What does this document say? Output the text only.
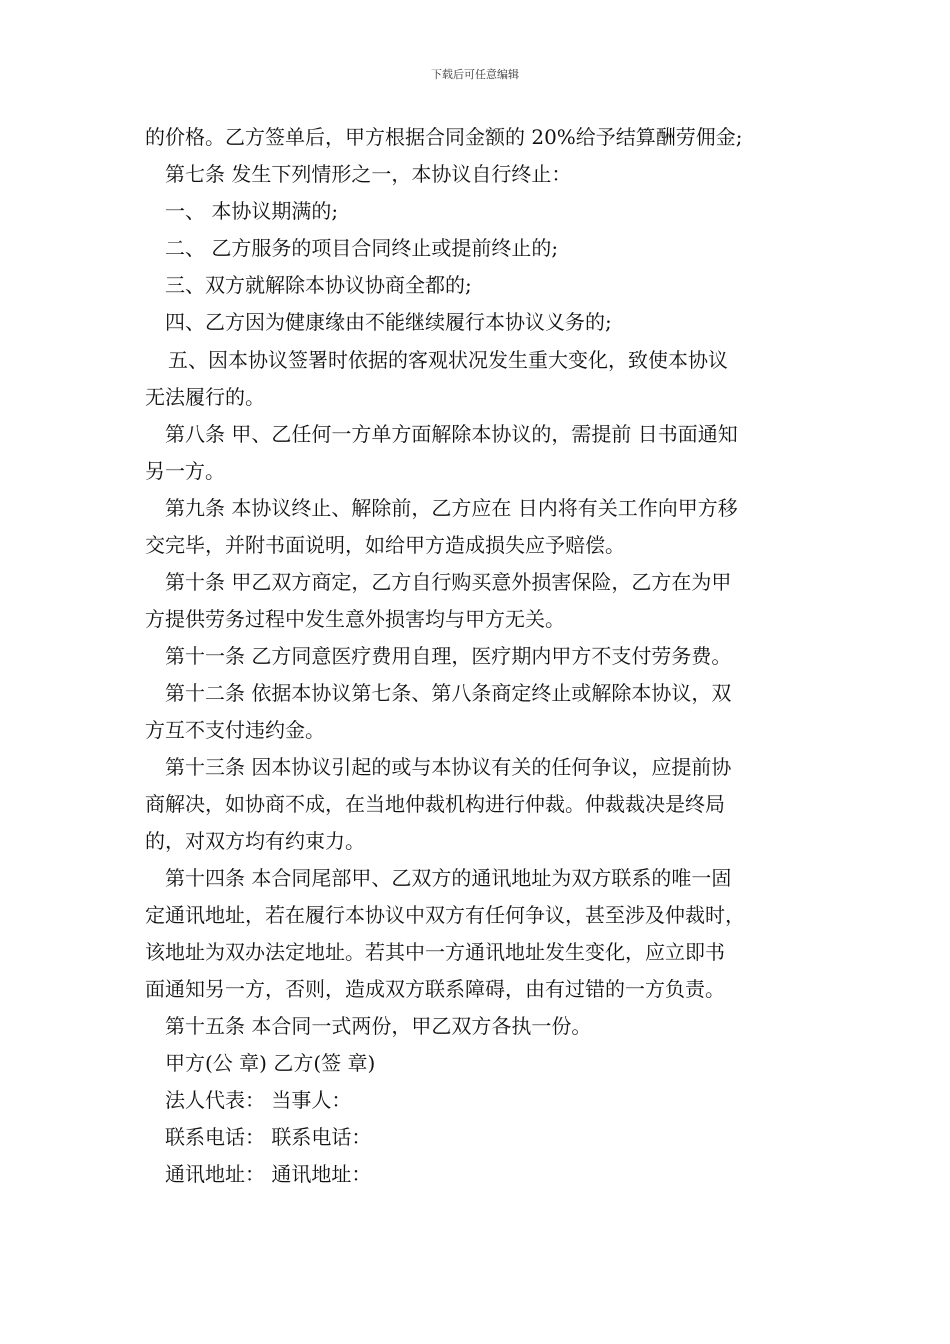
下载后可任意编辑
的价格。乙方签单后，甲方根据合同金额的 20%给予结算酬劳佣金;
第七条 发生下列情形之一，本协议自行终止：
一、 本协议期满的;
二、 乙方服务的项目合同终止或提前终止的;
三、双方就解除本协议协商全都的;
四、乙方因为健康缘由不能继续履行本协议义务的;
五、因本协议签署时依据的客观状况发生重大变化，致使本协议
无法履行的。
第八条 甲、乙任何一方单方面解除本协议的，需提前 日书面通知
另一方。
第九条 本协议终止、解除前，乙方应在 日内将有关工作向甲方移
交完毕，并附书面说明，如给甲方造成损失应予赔偿。
第十条 甲乙双方商定，乙方自行购买意外损害保险，乙方在为甲
方提供劳务过程中发生意外损害均与甲方无关。
第十一条 乙方同意医疗费用自理，医疗期内甲方不支付劳务费。
第十二条 依据本协议第七条、第八条商定终止或解除本协议，双
方互不支付违约金。
第十三条 因本协议引起的或与本协议有关的任何争议，应提前协
商解决，如协商不成，在当地仲裁机构进行仲裁。仲裁裁决是终局
的，对双方均有约束力。
第十四条 本合同尾部甲、乙双方的通讯地址为双方联系的唯一固
定通讯地址，若在履行本协议中双方有任何争议，甚至涉及仲裁时，
该地址为双办法定地址。若其中一方通讯地址发生变化，应立即书
面通知另一方，否则，造成双方联系障碍，由有过错的一方负责。
第十五条 本合同一式两份，甲乙双方各执一份。
甲方(公 章) 乙方(签 章)
法人代表： 当事人：
联系电话： 联系电话：
通讯地址： 通讯地址：
